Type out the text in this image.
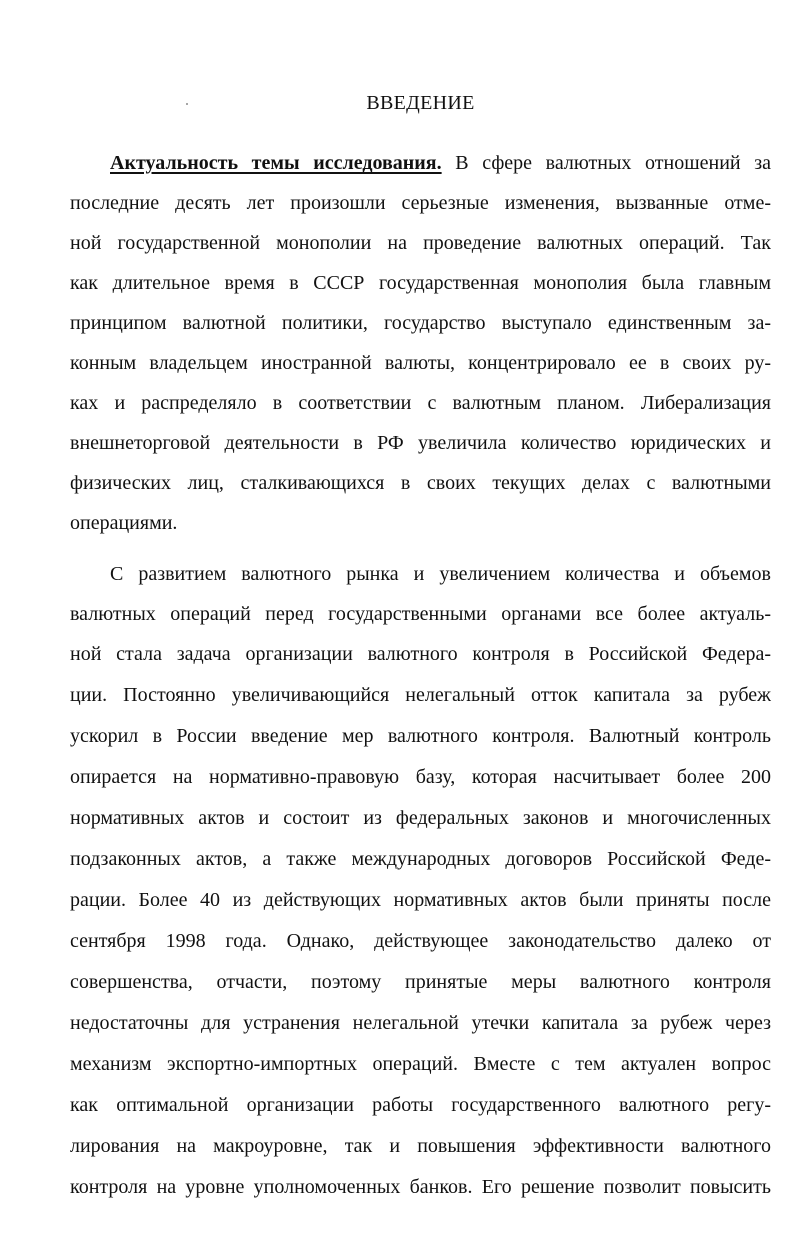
ВВЕДЕНИЕ
Актуальность темы исследования. В сфере валютных отношений за
последние десять лет произошли серьезные изменения, вызванные отме-
ной государственной монополии на проведение валютных операций. Так
как длительное время в СССР государственная монополия была главным
принципом валютной политики, государство выступало единственным за-
конным владельцем иностранной валюты, концентрировало ее в своих ру-
ках и распределяло в соответствии с валютным планом. Либерализация
внешнеторговой деятельности в РФ увеличила количество юридических и
физических лиц, сталкивающихся в своих текущих делах с валютными
операциями.
С развитием валютного рынка и увеличением количества и объемов
валютных операций перед государственными органами все более актуаль-
ной стала задача организации валютного контроля в Российской Федера-
ции. Постоянно увеличивающийся нелегальный отток капитала за рубеж
ускорил в России введение мер валютного контроля. Валютный контроль
опирается на нормативно-правовую базу, которая насчитывает более 200
нормативных актов и состоит из федеральных законов и многочисленных
подзаконных актов, а также международных договоров Российской Феде-
рации. Более 40 из действующих нормативных актов были приняты после
сентября 1998 года. Однако, действующее законодательство далеко от
совершенства, отчасти, поэтому принятые меры валютного контроля
недостаточны для устранения нелегальной утечки капитала за рубеж через
механизм экспортно-импортных операций. Вместе с тем актуален вопрос
как оптимальной организации работы государственного валютного регу-
лирования на макроуровне, так и повышения эффективности валютного
контроля на уровне уполномоченных банков. Его решение позволит повысить
